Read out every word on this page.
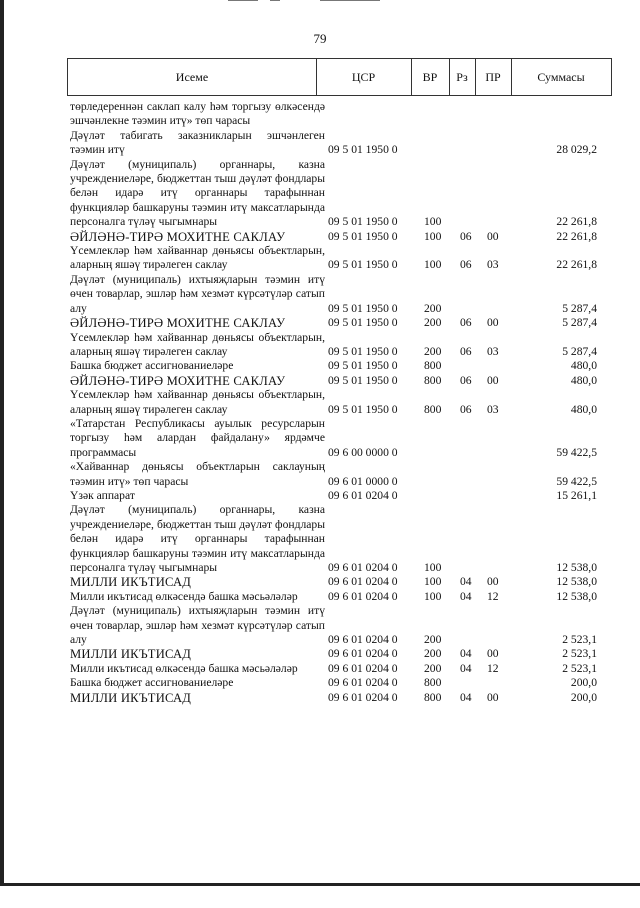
79
Исеме	ЦСР	ВР	Рз	ПР	Суммасы
төрледереннән саклап калу һәм торгызу өлкәсендә эшчәнлекне тәэмин итү» төп чарасы
Дәүләт табигать заказникларын эшчәнлеген тәэмин итү	09 5 01 1950 0	28 029,2
Дәүләт (муниципаль) органнары, казна учреждениеләре, бюджеттан тыш дәүләт фондлары белән идарә итү органнары тарафыннан функцияләр башкаруны тәэмин итү максатларында персоналга түләү чыгымнары	09 5 01 1950 0	100	22 261,8
ӘЙЛӘНӘ-ТИРӘ МОХИТНЕ САКЛАУ	09 5 01 1950 0	100	06	00	22 261,8
Үсемлекләр һәм хайваннар дөньясы объектларын, аларның яшәү тирәлеген саклау	09 5 01 1950 0	100	06	03	22 261,8
Дәүләт (муниципаль) ихтыяҗларын тәэмин итү өчен товарлар, эшләр һәм хезмәт күрсәтүләр сатып алу	09 5 01 1950 0	200	5 287,4
ӘЙЛӘНӘ-ТИРӘ МОХИТНЕ САКЛАУ	09 5 01 1950 0	200	06	00	5 287,4
Үсемлекләр һәм хайваннар дөньясы объектларын, аларның яшәү тирәлеген саклау	09 5 01 1950 0	200	06	03	5 287,4
Башка бюджет ассигнованиеләре	09 5 01 1950 0	800	480,0
ӘЙЛӘНӘ-ТИРӘ МОХИТНЕ САКЛАУ	09 5 01 1950 0	800	06	00	480,0
Үсемлекләр һәм хайваннар дөньясы объектларын, аларның яшәү тирәлеген саклау	09 5 01 1950 0	800	06	03	480,0
«Татарстан Республикасы ауылык ресурсларын торгызу һәм алардан файдалану» ярдәмче программасы	09 6 00 0000 0	59 422,5
«Хайваннар дөньясы объектларын саклауның тәэмин итү» төп чарасы	09 6 01 0000 0	59 422,5
Үзәк аппарат	09 6 01 0204 0	15 261,1
Дәүләт (муниципаль) органнары, казна учреждениеләре, бюджеттан тыш дәүләт фондлары белән идарә итү органнары тарафыннан функцияләр башкаруны тәэмин итү максатларында персоналга түләү чыгымнары	09 6 01 0204 0	100	12 538,0
МИЛЛИ ИКЪТИСАД	09 6 01 0204 0	100	04	00	12 538,0
Милли икътисад өлкәсендә башка мәсьәләләр	09 6 01 0204 0	100	04	12	12 538,0
Дәүләт (муниципаль) ихтыяҗларын тәэмин итү өчен товарлар, эшләр һәм хезмәт күрсәтүләр сатып алу	09 6 01 0204 0	200	2 523,1
МИЛЛИ ИКЪТИСАД	09 6 01 0204 0	200	04	00	2 523,1
Милли икътисад өлкәсендә башка мәсьәләләр	09 6 01 0204 0	200	04	12	2 523,1
Башка бюджет ассигнованиеләре	09 6 01 0204 0	800	200,0
МИЛЛИ ИКЪТИСАД	09 6 01 0204 0	800	04	00	200,0
